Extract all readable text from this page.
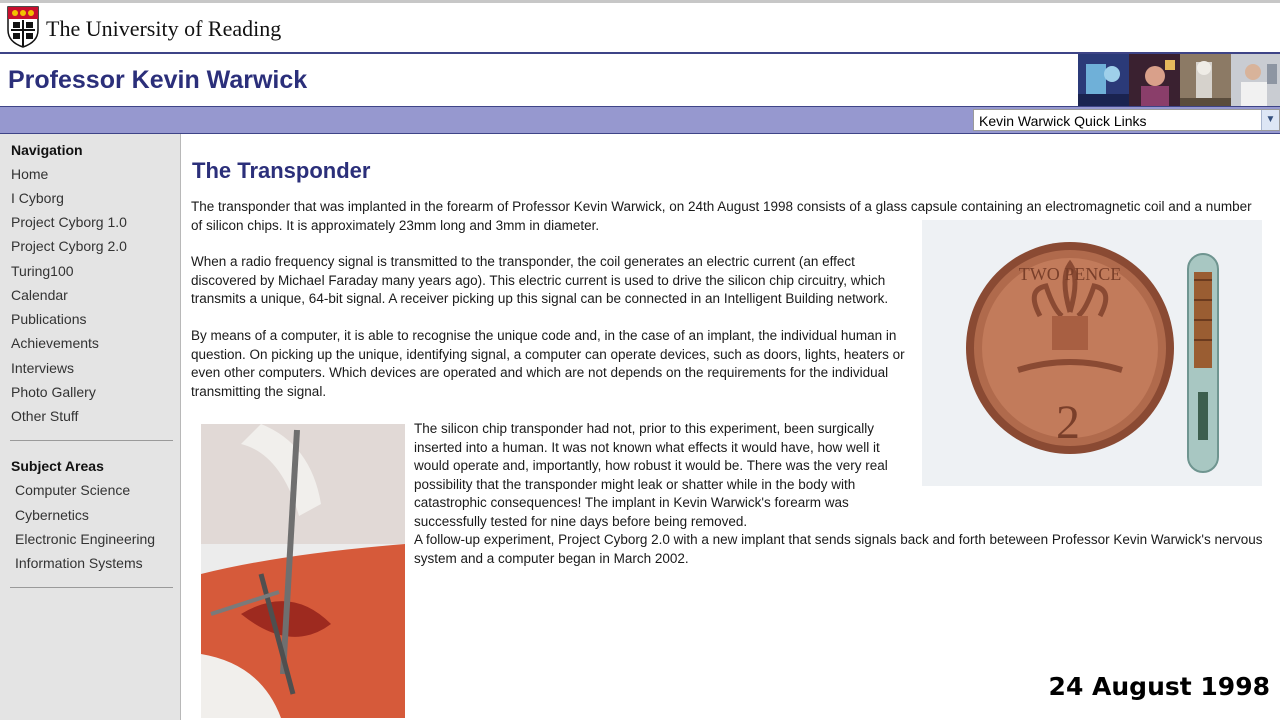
The University of Reading
Professor Kevin Warwick
Kevin Warwick Quick Links	▼
Navigation
Home
I Cyborg
Project Cyborg 1.0
Project Cyborg 2.0
Turing100
Calendar
Publications
Achievements
Interviews
Photo Gallery
Other Stuff
Subject Areas
Computer Science
Cybernetics
Electronic Engineering
Information Systems
The Transponder
The transponder that was implanted in the forearm of Professor Kevin Warwick, on 24th August 1998 consists of a glass capsule containing an electromagnetic coil and a number of silicon chips. It is approximately 23mm long and 3mm in diameter.
When a radio frequency signal is transmitted to the transponder, the coil generates an electric current (an effect discovered by Michael Faraday many years ago). This electric current is used to drive the silicon chip circuitry, which transmits a unique, 64-bit signal. A receiver picking up this signal can be connected in an Intelligent Building network.
By means of a computer, it is able to recognise the unique code and, in the case of an implant, the individual human in question. On picking up the unique, identifying signal, a computer can operate devices, such as doors, lights, heaters or even other computers. Which devices are operated and which are not depends on the requirements for the individual transmitting the signal.
The silicon chip transponder had not, prior to this experiment, been surgically inserted into a human. It was not known what effects it would have, how well it would operate and, importantly, how robust it would be. There was the very real possibility that the transponder might leak or shatter while in the body with catastrophic consequences! The implant in Kevin Warwick's forearm was successfully tested for nine days before being removed.
A follow-up experiment, Project Cyborg 2.0 with a new implant that sends signals back and forth beteween Professor Kevin Warwick's nervous system and a computer began in March 2002.
TWO PENCE
2
24 August 1998
